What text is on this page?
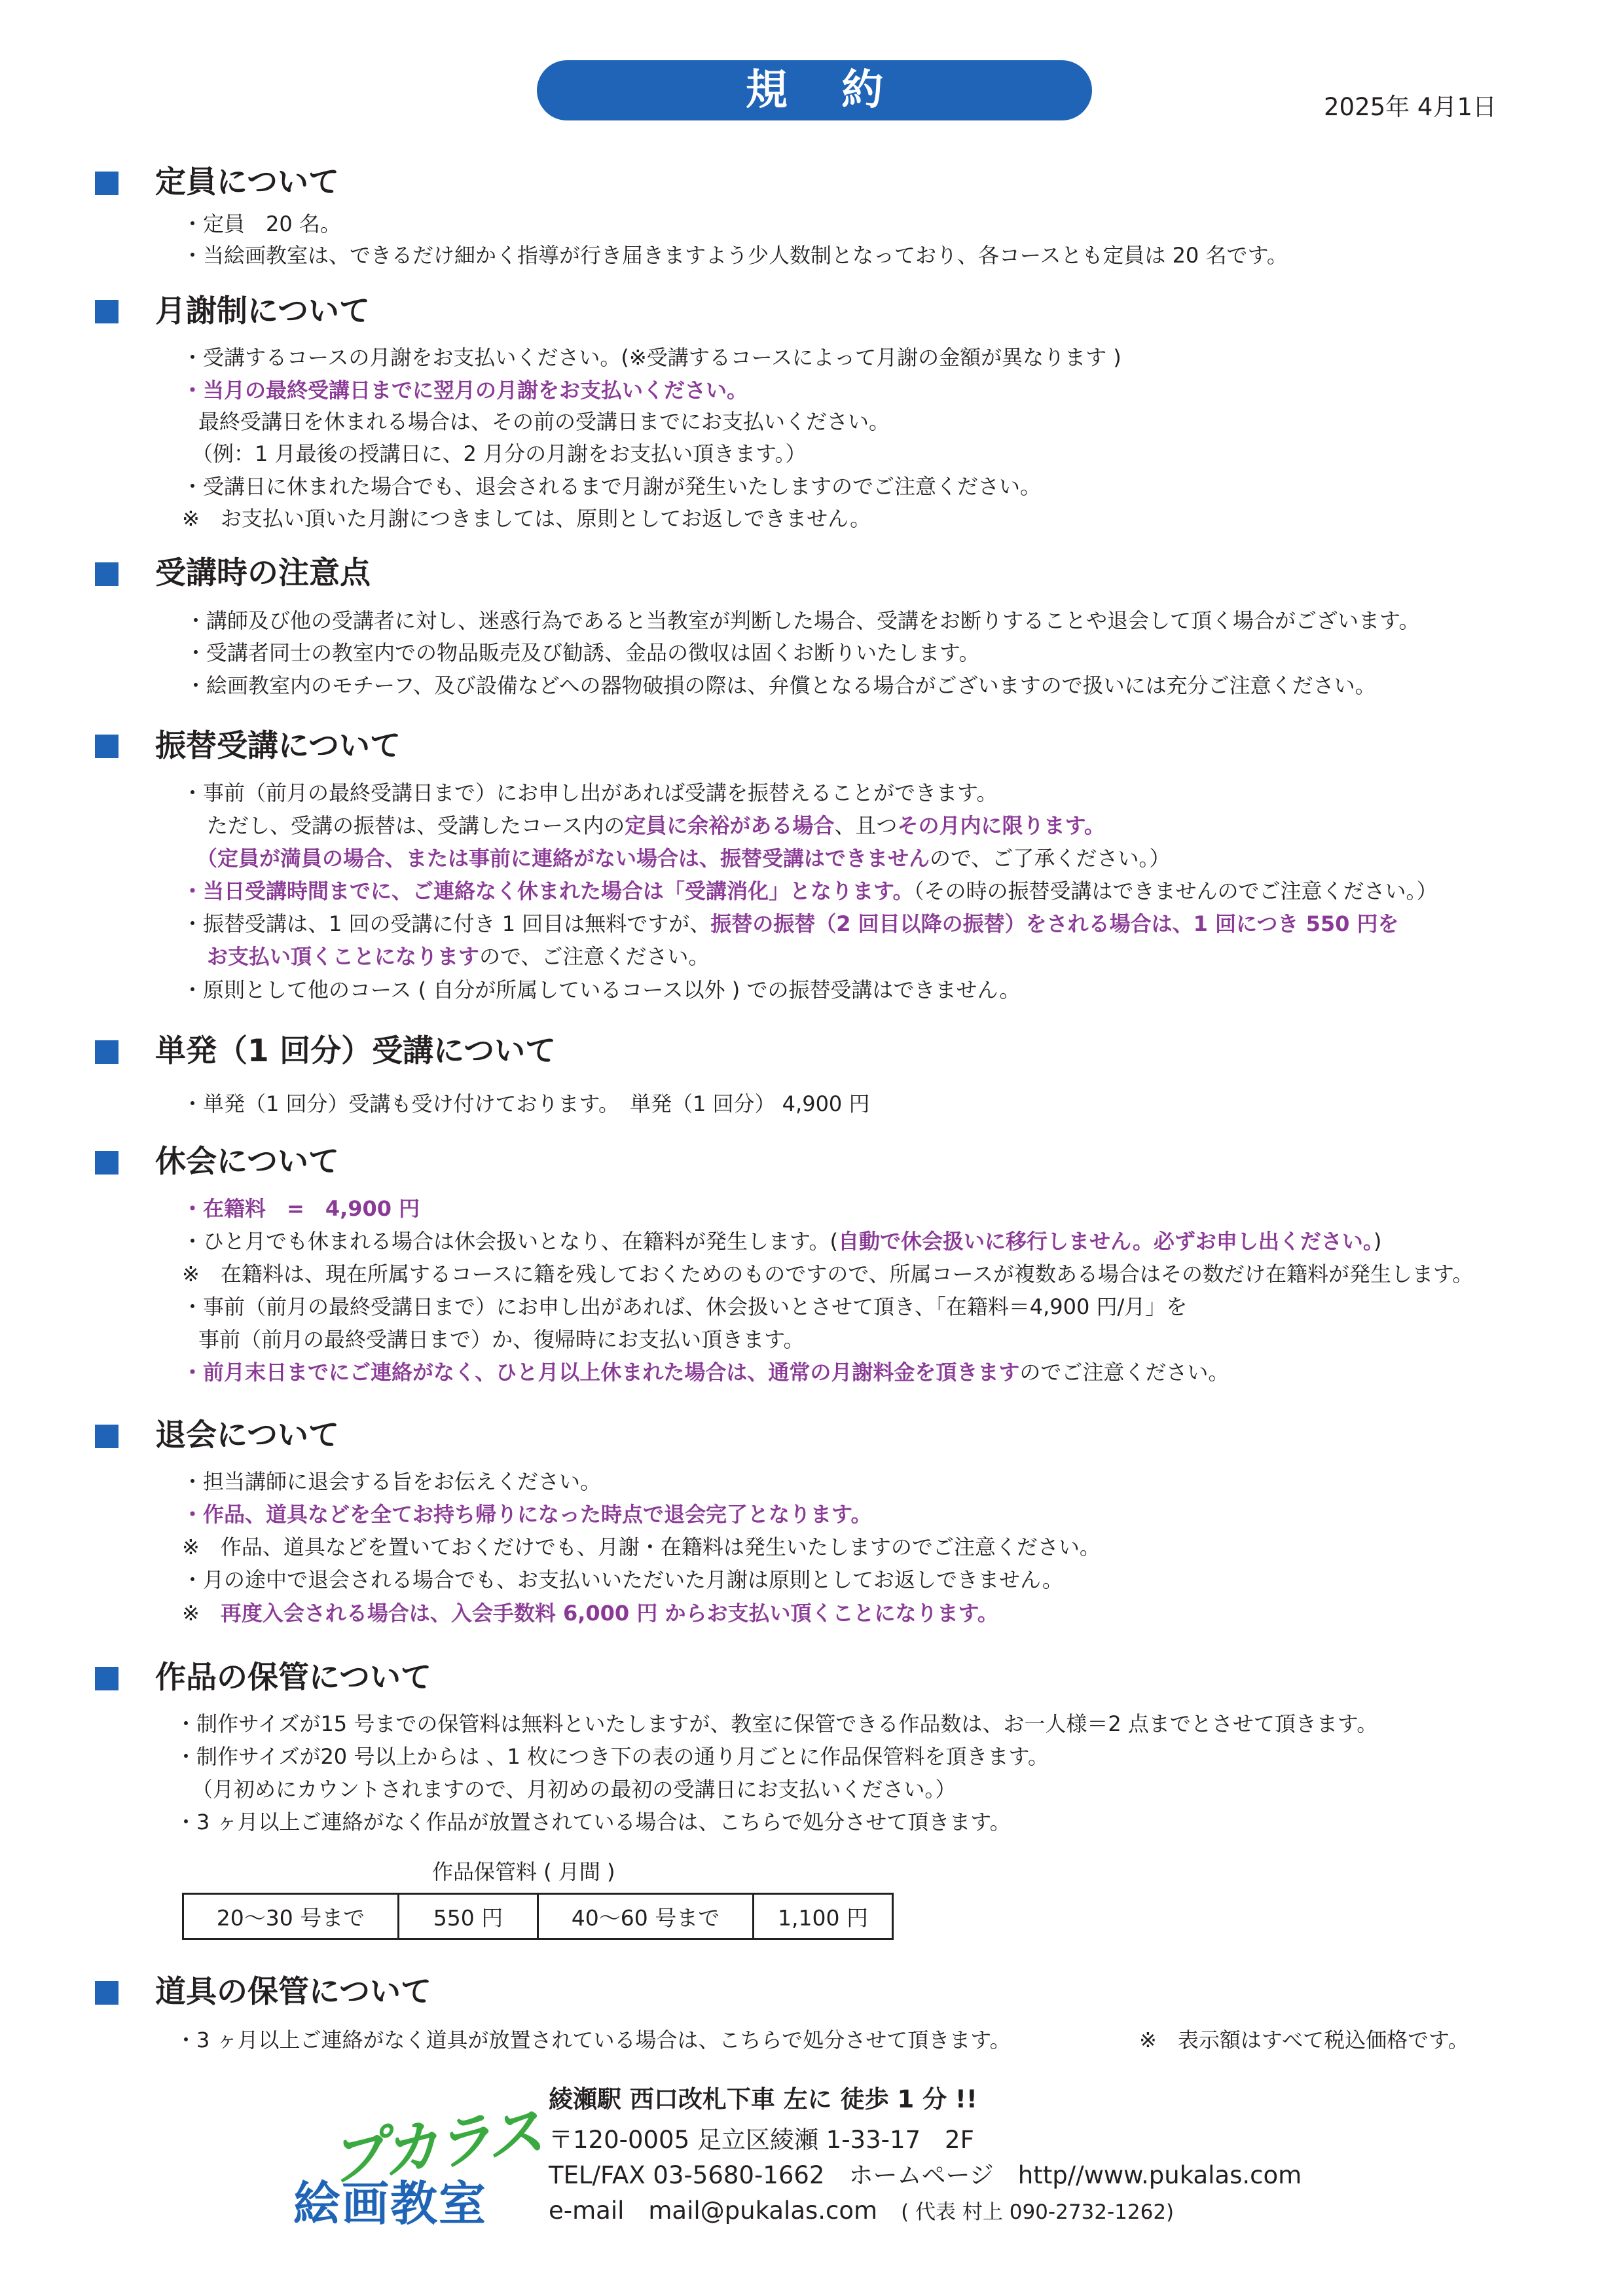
規 約	2025年 4月1日
定員について
・定員　20 名。
・当絵画教室は、できるだけ細かく指導が行き届きますよう少人数制となっており、各コースとも定員は 20 名です。
月謝制について
・受講するコースの月謝をお支払いください。(※受講するコースによって月謝の金額が異なります )
・当月の最終受講日までに翌月の月謝をお支払いください。
最終受講日を休まれる場合は、その前の受講日までにお支払いください。
（例：1 月最後の授講日に、2 月分の月謝をお支払い頂きます。）
・受講日に休まれた場合でも、退会されるまで月謝が発生いたしますのでご注意ください。
※　お支払い頂いた月謝につきましては、原則としてお返しできません。
受講時の注意点
・講師及び他の受講者に対し、迷惑行為であると当教室が判断した場合、受講をお断りすることや退会して頂く場合がございます。
・受講者同士の教室内での物品販売及び勧誘、金品の徴収は固くお断りいたします。
・絵画教室内のモチーフ、及び設備などへの器物破損の際は、弁償となる場合がございますので扱いには充分ご注意ください。
振替受講について
・事前（前月の最終受講日まで）にお申し出があれば受講を振替えることができます。
ただし、受講の振替は、受講したコース内の定員に余裕がある場合、且つその月内に限ります。
（定員が満員の場合、または事前に連絡がない場合は、振替受講はできませんので、ご了承ください。）
・当日受講時間までに、ご連絡なく休まれた場合は「受講消化」となります。（その時の振替受講はできませんのでご注意ください。）
・振替受講は、1 回の受講に付き 1 回目は無料ですが、振替の振替（2 回目以降の振替）をされる場合は、1 回につき 550 円を
お支払い頂くことになりますので、ご注意ください。
・原則として他のコース ( 自分が所属しているコース以外 ) での振替受講はできません。
単発（1 回分）受講について
・単発（1 回分）受講も受け付けております。　単発（1 回分） 4,900 円
休会について
・在籍料　=　4,900 円
・ひと月でも休まれる場合は休会扱いとなり、在籍料が発生します。(自動で休会扱いに移行しません。必ずお申し出ください。)
※　在籍料は、現在所属するコースに籍を残しておくためのものですので、所属コースが複数ある場合はその数だけ在籍料が発生します。
・事前（前月の最終受講日まで）にお申し出があれば、休会扱いとさせて頂き、「在籍料＝4,900 円/月」を
事前（前月の最終受講日まで）か、復帰時にお支払い頂きます。
・前月末日までにご連絡がなく、ひと月以上休まれた場合は、通常の月謝料金を頂きますのでご注意ください。
退会について
・担当講師に退会する旨をお伝えください。
・作品、道具などを全てお持ち帰りになった時点で退会完了となります。
※　作品、道具などを置いておくだけでも、月謝・在籍料は発生いたしますのでご注意ください。
・月の途中で退会される場合でも、お支払いいただいた月謝は原則としてお返しできません。
※　 再度入会される場合は、入会手数料 6,000 円 からお支払い頂くことになります。
作品の保管について
・制作サイズが15 号までの保管料は無料といたしますが、教室に保管できる作品数は、お一人様＝2 点までとさせて頂きます。
・制作サイズが20 号以上からは 、1 枚につき下の表の通り月ごとに作品保管料を頂きます。
（月初めにカウントされますので、月初めの最初の受講日にお支払いください。）
・3 ヶ月以上ご連絡がなく作品が放置されている場合は、こちらで処分させて頂きます。
作品保管料 ( 月間 )
20〜30 号まで	550 円	40〜60 号まで	1,100 円
道具の保管について
・3 ヶ月以上ご連絡がなく道具が放置されている場合は、こちらで処分させて頂きます。	※　表示額はすべて税込価格です。
プカラス
絵画教室
綾瀬駅 西口改札下車 左に 徒歩 1 分 !!
〒120-0005 足立区綾瀬 1-33-17　2F
TEL/FAX 03-5680-1662　ホームページ　http//www.pukalas.com
e-mail　mail@pukalas.com ( 代表 村上 090-2732-1262)
